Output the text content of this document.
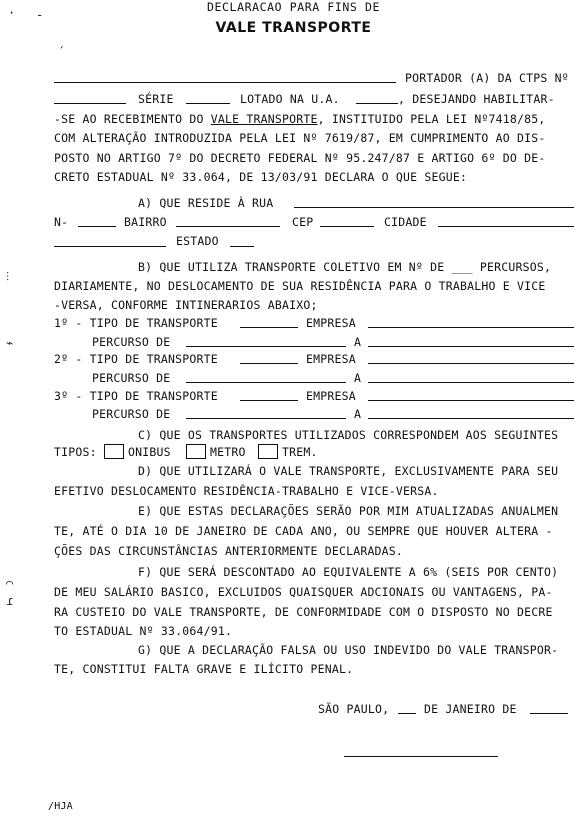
DECLARACAO PARA FINS DE
VALE TRANSPORTE
· -
ˏ
⫶
⌁
⌒
ɾ
PORTADOR (A) DA CTPS Nº
SÉRIE	LOTADO NA U.A.	, DESEJANDO HABILITAR-
-SE AO RECEBIMENTO DO VALE TRANSPORTE, INSTITUIDO PELA LEI Nº7418/85,
COM ALTERAÇÃO INTRODUZIDA PELA LEI Nº 7619/87, EM CUMPRIMENTO AO DIS-
POSTO NO ARTIGO 7º DO DECRETO FEDERAL Nº 95.247/87 E ARTIGO 6º DO DE-
CRETO ESTADUAL Nº 33.064, DE 13/03/91 DECLARA O QUE SEGUE:
A) QUE RESIDE À RUA
N-	BAIRRO	CEP	CIDADE
ESTADO
B) QUE UTILIZA TRANSPORTE COLETIVO EM Nº DE ___ PERCURSOS,
DIARIAMENTE, NO DESLOCAMENTO DE SUA RESIDÊNCIA PARA O TRABALHO E VICE
-VERSA, CONFORME INTINERARIOS ABAIXO;
1º - TIPO DE TRANSPORTE	EMPRESA
PERCURSO DE	A
2º - TIPO DE TRANSPORTE	EMPRESA
PERCURSO DE	A
3º - TIPO DE TRANSPORTE	EMPRESA
PERCURSO DE	A
C) QUE OS TRANSPORTES UTILIZADOS CORRESPONDEM AOS SEGUINTES
TIPOS:	ONIBUS	METRO	TREM.
D) QUE UTILIZARÁ O VALE TRANSPORTE, EXCLUSIVAMENTE PARA SEU
EFETIVO DESLOCAMENTO RESIDÊNCIA-TRABALHO E VICE-VERSA.
E) QUE ESTAS DECLARAÇÕES SERÃO POR MIM ATUALIZADAS ANUALMEN
TE, ATÉ O DIA 10 DE JANEIRO DE CADA ANO, OU SEMPRE QUE HOUVER ALTERA -
ÇÕES DAS CIRCUNSTÂNCIAS ANTERIORMENTE DECLARADAS.
F) QUE SERÁ DESCONTADO AO EQUIVALENTE A 6% (SEIS POR CENTO)
DE MEU SALÁRIO BASICO, EXCLUIDOS QUAISQUER ADCIONAIS OU VANTAGENS, PA-
RA CUSTEIO DO VALE TRANSPORTE, DE CONFORMIDADE COM O DISPOSTO NO DECRE
TO ESTADUAL Nº 33.064/91.
G) QUE A DECLARAÇÃO FALSA OU USO INDEVIDO DO VALE TRANSPOR-
TE, CONSTITUI FALTA GRAVE E ILÍCITO PENAL.
SÃO PAULO,	DE JANEIRO DE
/HJA
